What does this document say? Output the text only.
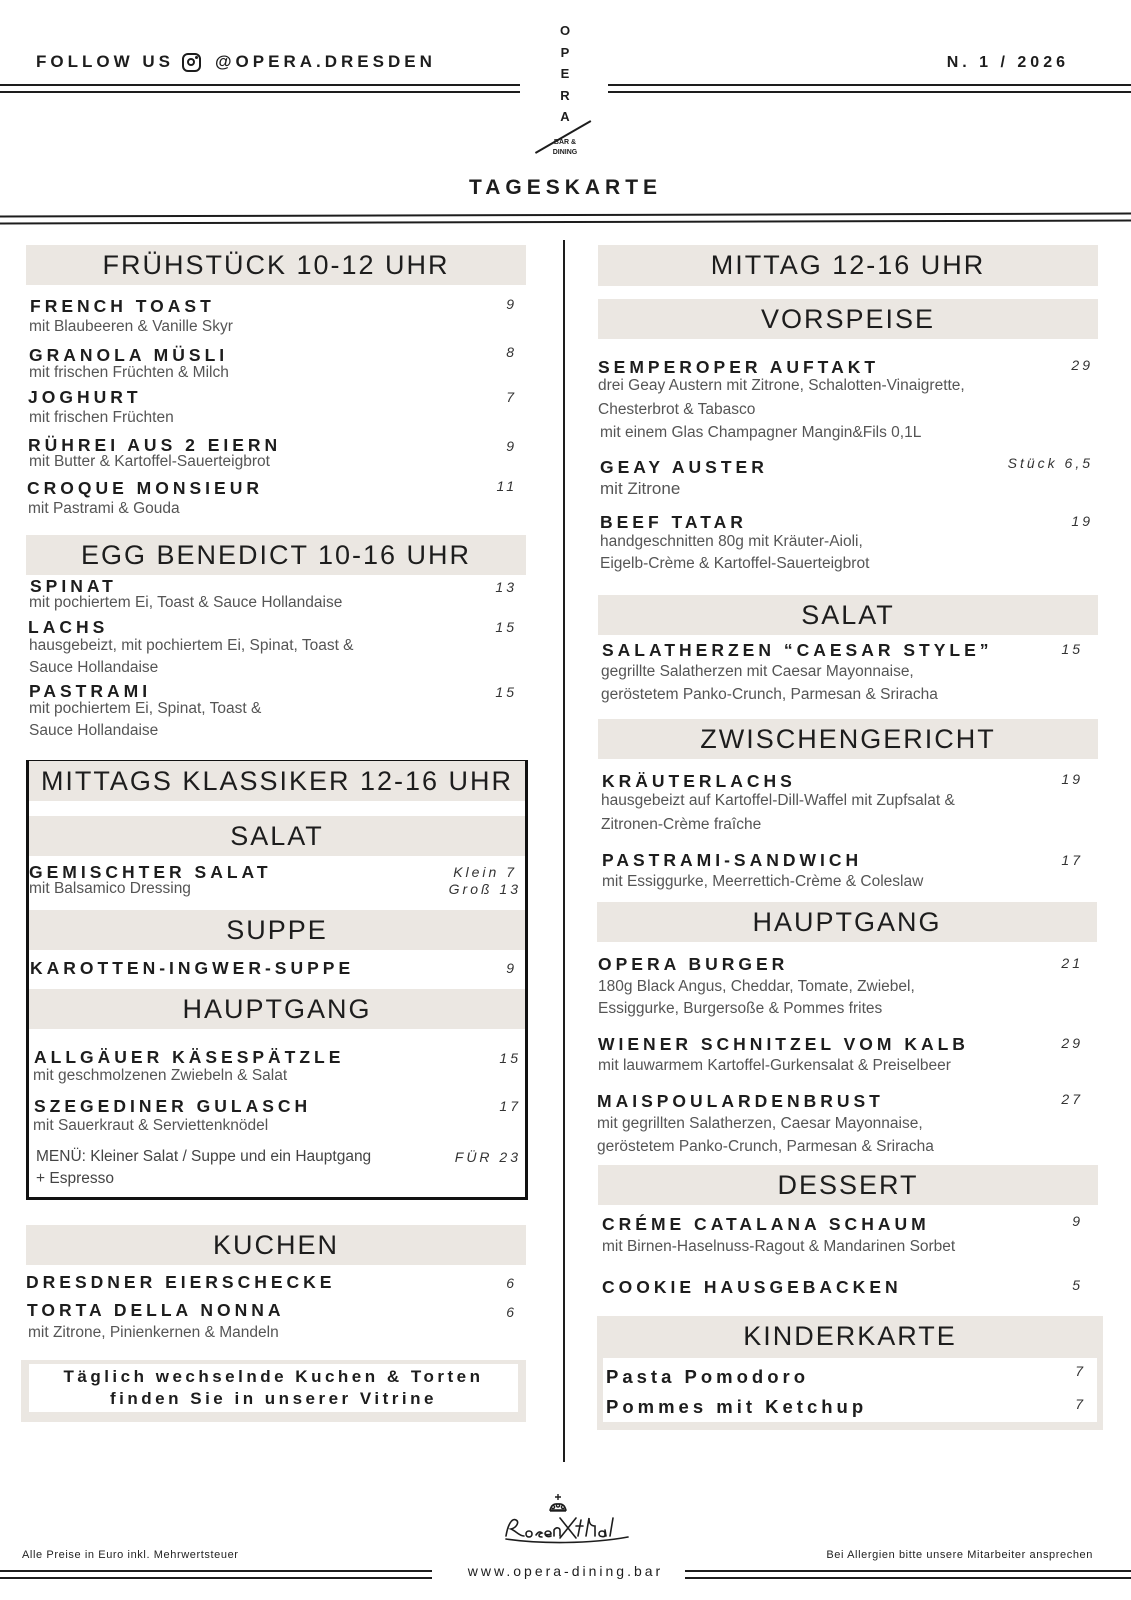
FOLLOW US @OPERA.DRESDEN	N. 1 / 2026
O
P
E
R
A
BAR &
DINING
TAGESKARTE
FRÜHSTÜCK 10-12 UHR
FRENCH TOAST
mit Blaubeeren & Vanille Skyr
9
GRANOLA MÜSLI
mit frischen Früchten & Milch
8
JOGHURT
mit frischen Früchten
7
RÜHREI AUS 2 EIERN
mit Butter & Kartoffel-Sauerteigbrot
9
CROQUE MONSIEUR
mit Pastrami & Gouda
11
EGG BENEDICT 10-16 UHR
SPINAT
mit pochiertem Ei, Toast & Sauce Hollandaise
13
LACHS
hausgebeizt, mit pochiertem Ei, Spinat, Toast &
Sauce Hollandaise
15
PASTRAMI
mit pochiertem Ei, Spinat, Toast &
Sauce Hollandaise
15
MITTAGS KLASSIKER 12-16 UHR
SALAT
GEMISCHTER SALAT
mit Balsamico Dressing
Klein 7
Groß 13
SUPPE
KAROTTEN-INGWER-SUPPE	9
HAUPTGANG
ALLGÄUER KÄSESPÄTZLE
mit geschmolzenen Zwiebeln & Salat
15
SZEGEDINER GULASCH
mit Sauerkraut & Serviettenknödel
17
MENÜ: Kleiner Salat / Suppe und ein Hauptgang
+ Espresso
FÜR 23
KUCHEN
DRESDNER EIERSCHECKE	6
TORTA DELLA NONNA
mit Zitrone, Pinienkernen & Mandeln
6
Täglich wechselnde Kuchen & Torten
finden Sie in unserer Vitrine
MITTAG 12-16 UHR
VORSPEISE
SEMPEROPER AUFTAKT
drei Geay Austern mit Zitrone, Schalotten-Vinaigrette,
Chesterbrot & Tabasco
mit einem Glas Champagner Mangin&Fils 0,1L
29
GEAY AUSTER
mit Zitrone
Stück 6,5
BEEF TATAR
handgeschnitten 80g mit Kräuter-Aioli,
Eigelb-Crème & Kartoffel-Sauerteigbrot
19
SALAT
SALATHERZEN “CAESAR STYLE”
gegrillte Salatherzen mit Caesar Mayonnaise,
geröstetem Panko-Crunch, Parmesan & Sriracha
15
ZWISCHENGERICHT
KRÄUTERLACHS
hausgebeizt auf Kartoffel-Dill-Waffel mit Zupfsalat &
Zitronen-Crème fraîche
19
PASTRAMI-SANDWICH
mit Essiggurke, Meerrettich-Crème & Coleslaw
17
HAUPTGANG
OPERA BURGER
180g Black Angus, Cheddar, Tomate, Zwiebel,
Essiggurke, Burgersoße & Pommes frites
21
WIENER SCHNITZEL VOM KALB
mit lauwarmem Kartoffel-Gurkensalat & Preiselbeer
29
MAISPOULARDENBRUST
mit gegrillten Salatherzen, Caesar Mayonnaise,
geröstetem Panko-Crunch, Parmesan & Sriracha
27
DESSERT
CRÉME CATALANA SCHAUM
mit Birnen-Haselnuss-Ragout & Mandarinen Sorbet
9
COOKIE HAUSGEBACKEN	5
KINDERKARTE
Pasta Pomodoro	7
Pommes mit Ketchup	7
Rosenthal
Alle Preise in Euro inkl. Mehrwertsteuer	Bei Allergien bitte unsere Mitarbeiter ansprechen
www.opera-dining.bar
